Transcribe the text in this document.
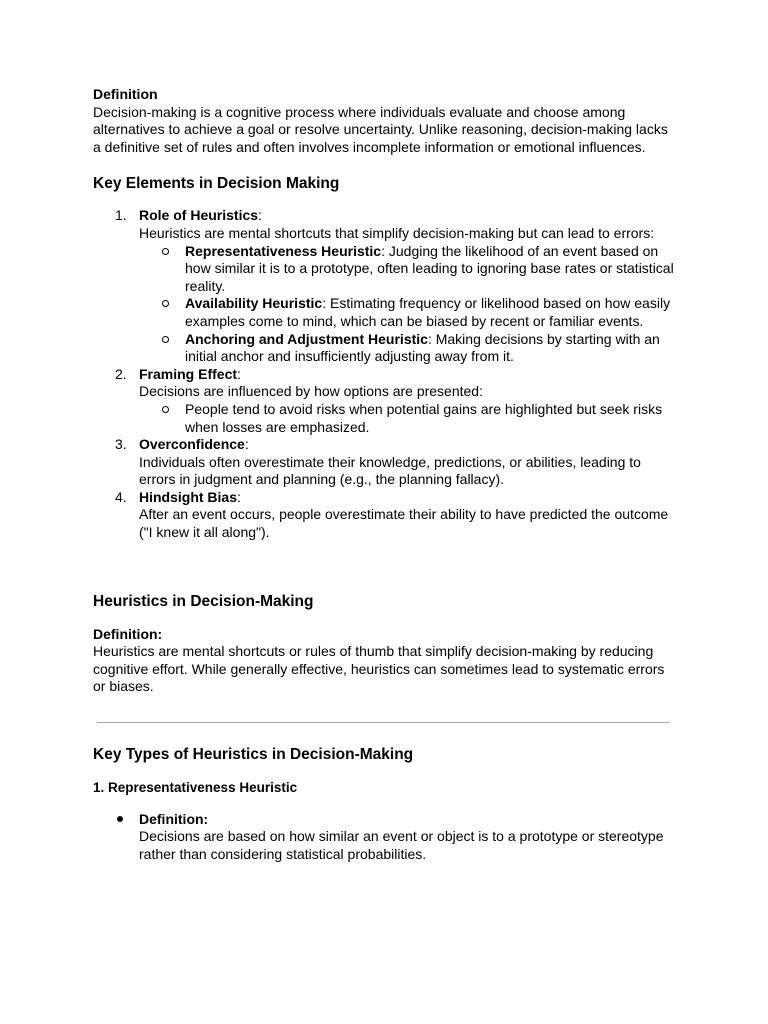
Definition

Decision-making is a cognitive process where individuals evaluate and choose among alternatives to achieve a goal or resolve uncertainty. Unlike reasoning, decision-making lacks a definitive set of rules and often involves incomplete information or emotional influences.

Key Elements in Decision Making
1. Role of Heuristics:

Heuristics are mental shortcuts that simplify decision-making but can lead to errors:

Representativeness Heuristic: Judging the likelihood of an event based on how similar it is to a prototype, often leading to ignoring base rates or statistical reality.
Availability Heuristic: Estimating frequency or likelihood based on how easily examples come to mind, which can be biased by recent or familiar events.
Anchoring and Adjustment Heuristic: Making decisions by starting with an initial anchor and insufficiently adjusting away from it.
2. Framing Effect:

Decisions are influenced by how options are presented:

People tend to avoid risks when potential gains are highlighted but seek risks when losses are emphasized.
3. Overconfidence:

Individuals often overestimate their knowledge, predictions, or abilities, leading to errors in judgment and planning (e.g., the planning fallacy).

4. Hindsight Bias:

After an event occurs, people overestimate their ability to have predicted the outcome ("I knew it all along").

Heuristics in Decision-Making

Definition:

Heuristics are mental shortcuts or rules of thumb that simplify decision-making by reducing cognitive effort. While generally effective, heuristics can sometimes lead to systematic errors or biases.

Key Types of Heuristics in Decision-Making

1. Representativeness Heuristic

Definition:

Decisions are based on how similar an event or object is to a prototype or stereotype rather than considering statistical probabilities.
